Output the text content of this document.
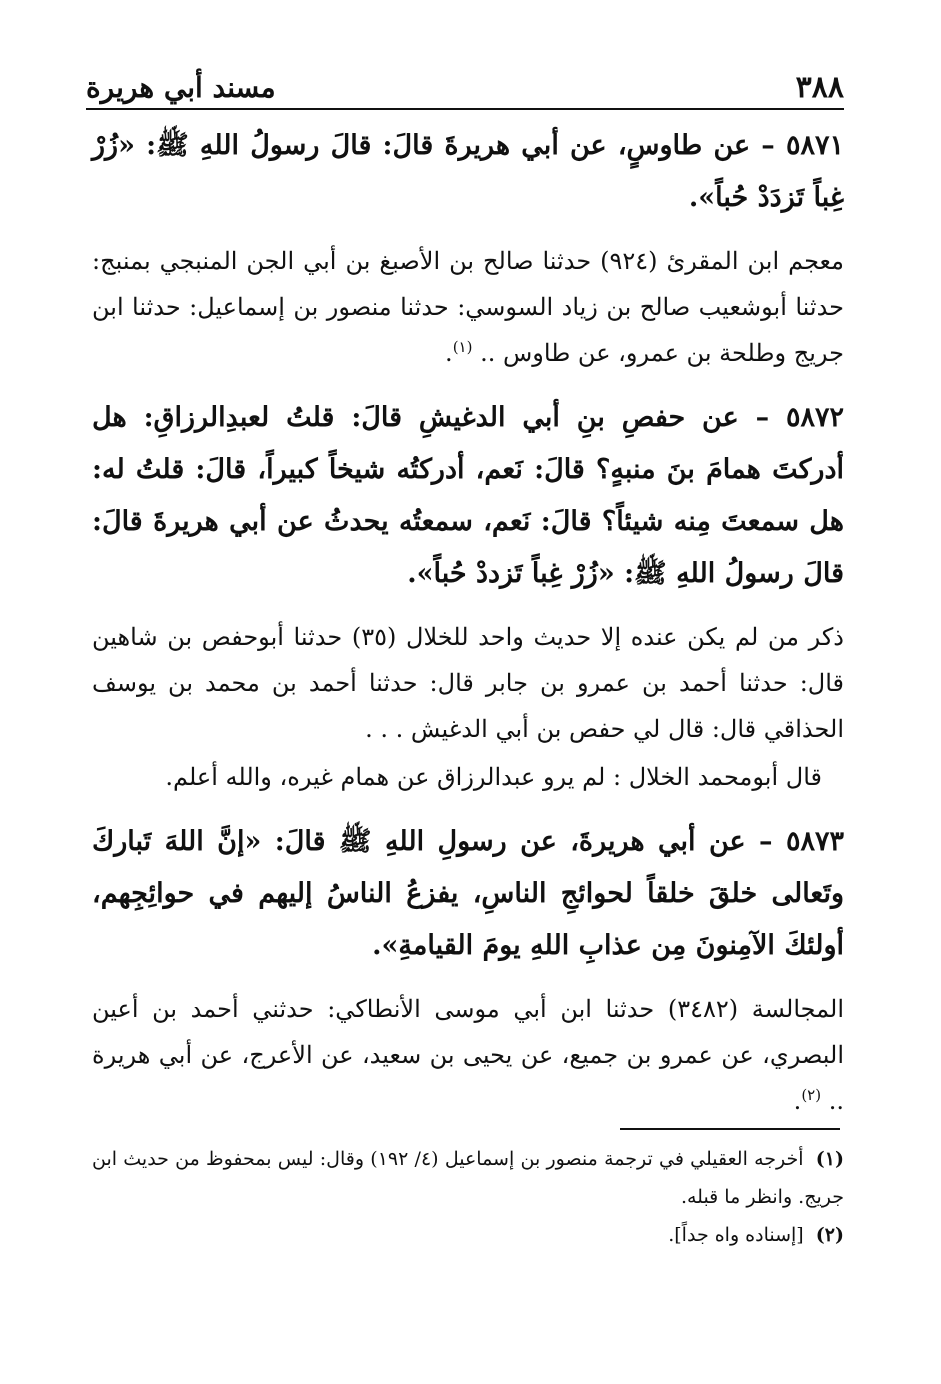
٣٨٨
مسند أبي هريرة

٥٨٧١ – عن طاوسٍ، عن أبي هريرةَ قالَ: قالَ رسولُ اللهِ ﷺ: «زُرْ غِباً تَزدَدْ حُباً».

معجم ابن المقرئ (٩٢٤) حدثنا صالح بن الأصبغ بن أبي الجن المنبجي بمنبج: حدثنا أبوشعيب صالح بن زياد السوسي: حدثنا منصور بن إسماعيل: حدثنا ابن جريج وطلحة بن عمرو، عن طاوس .. $^{(١)}$.

٥٨٧٢ – عن حفصِ بنِ أبي الدغيشِ قالَ: قلتُ لعبدِالرزاقِ: هل أدركتَ همامَ بنَ منبهٍ؟ قالَ: نَعم، أدركتُه شيخاً كبيراً، قالَ: قلتُ له: هل سمعتَ مِنه شيئاً؟ قالَ: نَعم، سمعتُه يحدثُ عن أبي هريرةَ قالَ: قالَ رسولُ اللهِ ﷺ: «زُرْ غِباً تَزددْ حُباً».

ذكر من لم يكن عنده إلا حديث واحد للخلال (٣٥) حدثنا أبوحفص بن شاهين قال: حدثنا أحمد بن عمرو بن جابر قال: حدثنا أحمد بن محمد بن يوسف الحذاقي قال: قال لي حفص بن أبي الدغيش . . .

قال أبومحمد الخلال : لم يرو عبدالرزاق عن همام غيره، والله أعلم.

٥٨٧٣ – عن أبي هريرةَ، عن رسولِ اللهِ ﷺ قالَ: «إنَّ اللهَ تَباركَ وتَعالى خلقَ خلقاً لحوائجِ الناسِ، يفزعُ الناسُ إليهم في حوائِجِهم، أولئكَ الآمِنونَ مِن عذابِ اللهِ يومَ القيامةِ».

المجالسة (٣٤٨٢) حدثنا ابن أبي موسى الأنطاكي: حدثني أحمد بن أعين البصري، عن عمرو بن جميع، عن يحيى بن سعيد، عن الأعرج، عن أبي هريرة .. $^{(٢)}$.

(١) أخرجه العقيلي في ترجمة منصور بن إسماعيل (٤/ ١٩٢) وقال: ليس بمحفوظ من حديث ابن جريج. وانظر ما قبله.

(٢) [إسناده واه جداً].
